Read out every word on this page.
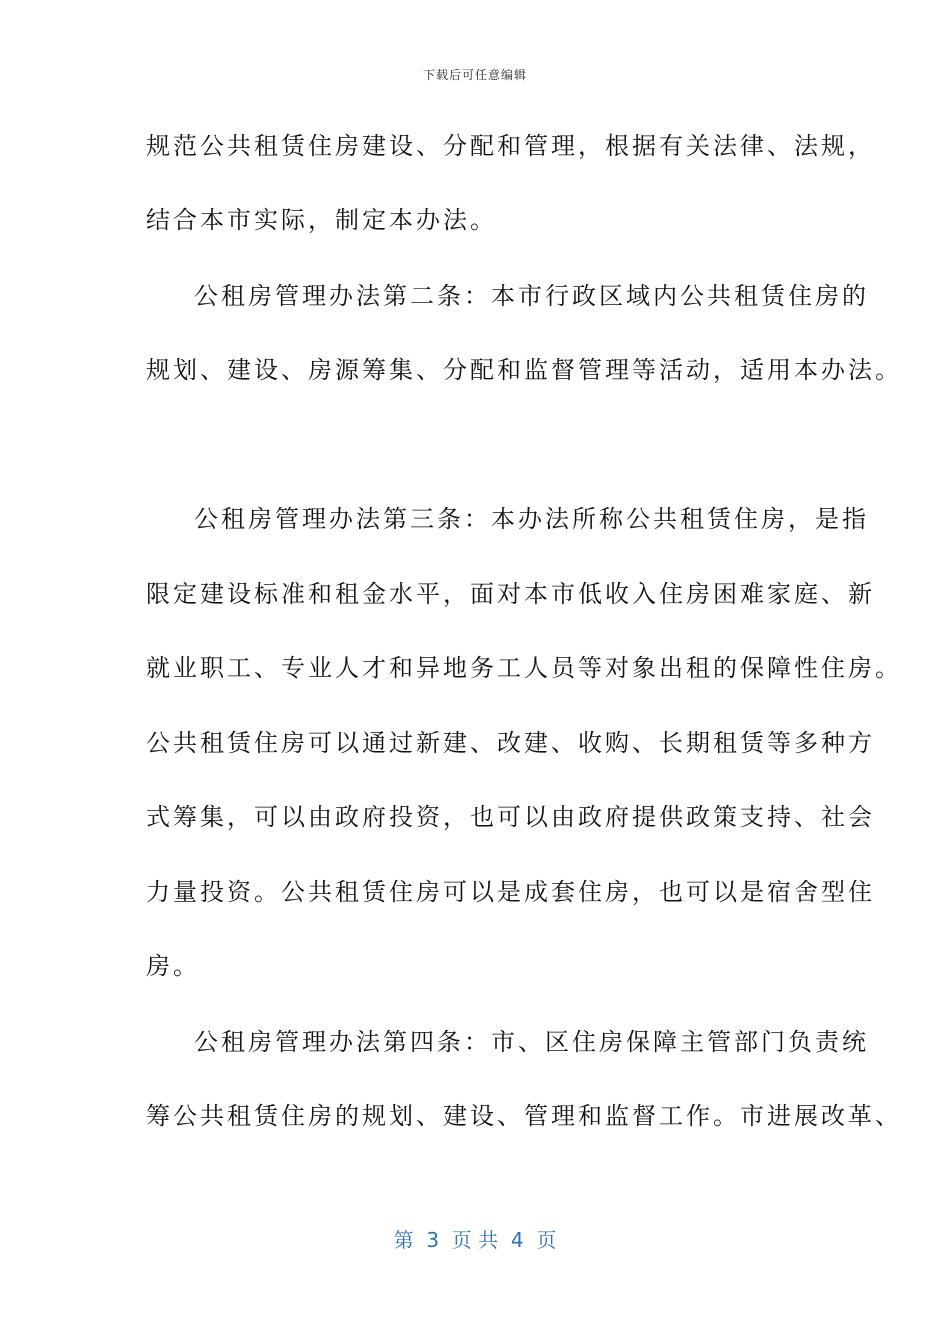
下载后可任意编辑
规范公共租赁住房建设、分配和管理，根据有关法律、法规，
结合本市实际，制定本办法。
公租房管理办法第二条：本市行政区域内公共租赁住房的
规划、建设、房源筹集、分配和监督管理等活动，适用本办法。
公租房管理办法第三条：本办法所称公共租赁住房，是指
限定建设标准和租金水平，面对本市低收入住房困难家庭、新
就业职工、专业人才和异地务工人员等对象出租的保障性住房。
公共租赁住房可以通过新建、改建、收购、长期租赁等多种方
式筹集，可以由政府投资，也可以由政府提供政策支持、社会
力量投资。公共租赁住房可以是成套住房，也可以是宿舍型住
房。
公租房管理办法第四条：市、区住房保障主管部门负责统
筹公共租赁住房的规划、建设、管理和监督工作。市进展改革、
第  3  页 共  4  页
